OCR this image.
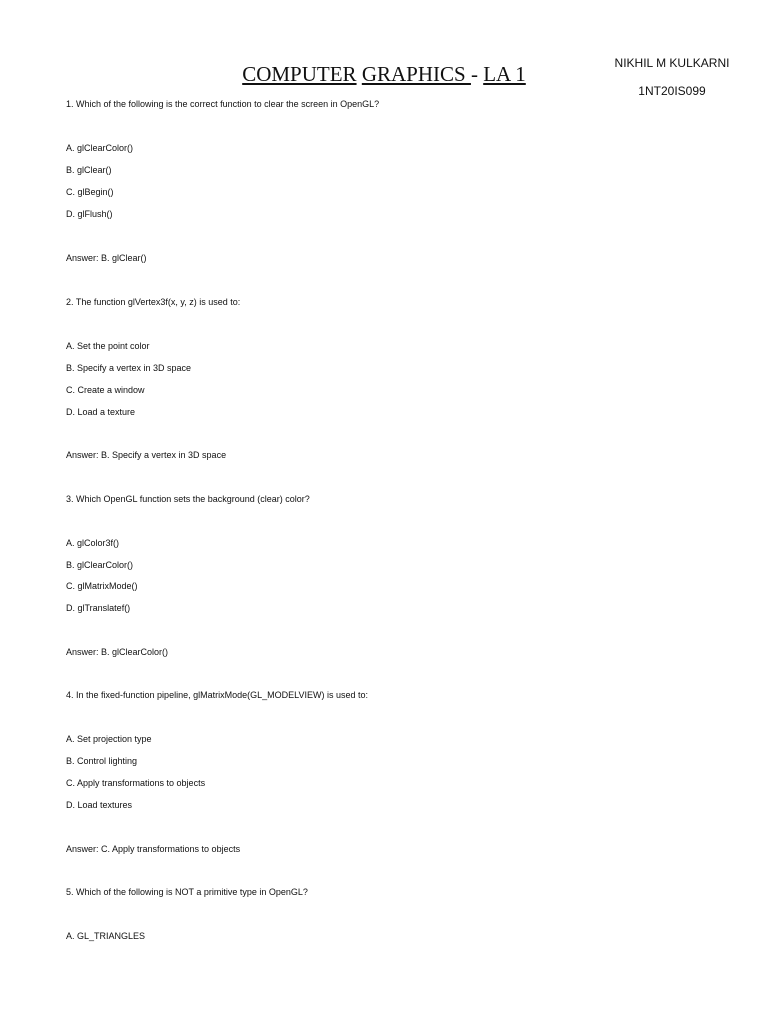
COMPUTER GRAPHICS - LA 1	NIKHIL M KULKARNI
1NT20IS099
1. Which of the following is the correct function to clear the screen in OpenGL?
A. glClearColor()
B. glClear()
C. glBegin()
D. glFlush()
Answer: B. glClear()
2. The function glVertex3f(x, y, z) is used to:
A. Set the point color
B. Specify a vertex in 3D space
C. Create a window
D. Load a texture
Answer: B. Specify a vertex in 3D space
3. Which OpenGL function sets the background (clear) color?
A. glColor3f()
B. glClearColor()
C. glMatrixMode()
D. glTranslatef()
Answer: B. glClearColor()
4. In the fixed-function pipeline, glMatrixMode(GL_MODELVIEW) is used to:
A. Set projection type
B. Control lighting
C. Apply transformations to objects
D. Load textures
Answer: C. Apply transformations to objects
5. Which of the following is NOT a primitive type in OpenGL?
A. GL_TRIANGLES
